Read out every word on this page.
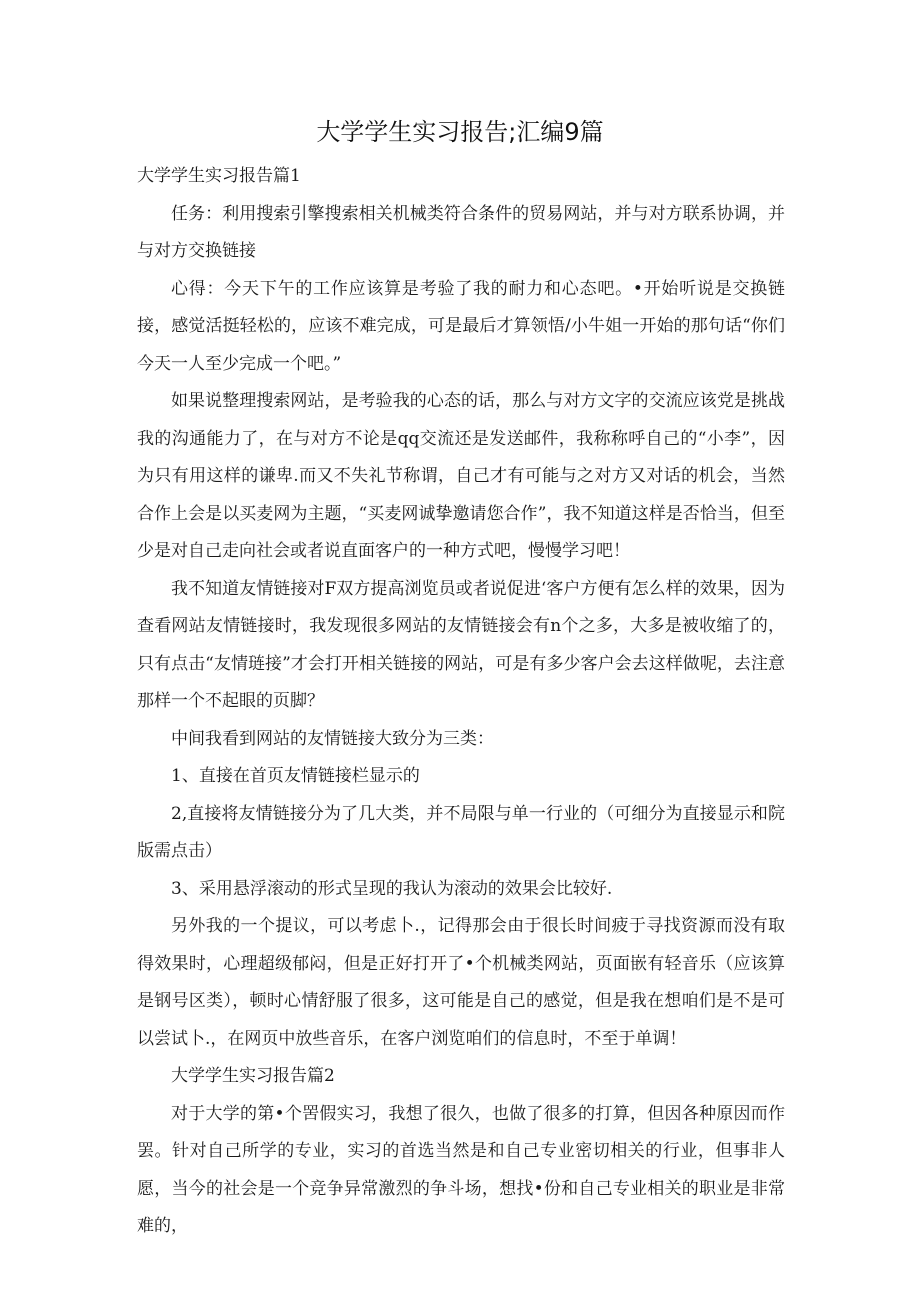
大学学生实习报告;汇编9篇

大学学生实习报告篇1

任务：利用搜索引擎搜索相关机械类符合条件的贸易网站，并与对方联系协调，并与对方交换链接

心得：今天下午的工作应该算是考验了我的耐力和心态吧。•开始听说是交换链接，感觉活挺轻松的，应该不难完成，可是最后才算领悟/小牛姐一开始的那句话“你们今天一人至少完成一个吧。”

如果说整理搜索网站，是考验我的心态的话，那么与对方文字的交流应该党是挑战我的沟通能力了，在与对方不论是qq交流还是发送邮件，我称称呼自己的“小李”，因为只有用这样的谦卑.而又不失礼节称谓，自己才有可能与之对方又对话的机会，当然合作上会是以买麦网为主题，“买麦网诚挚邀请您合作”，我不知道这样是否恰当，但至少是对自己走向社会或者说直面客户的一种方式吧，慢慢学习吧！

我不知道友情链接对F双方提高浏览员或者说促进‘客户方便有怎么样的效果，因为查看网站友情链接时，我发现很多网站的友情链接会有n个之多，大多是被收缩了的，只有点击“友情琏接”才会打开相关链接的网站，可是有多少客户会去这样做呢，去注意那样一个不起眼的页脚？

中间我看到网站的友情链接大致分为三类：

1、直接在首页友情链接栏显示的

2,直接将友情链接分为了几大类，并不局限与单一行业的（可细分为直接显示和院版需点击）

3、采用悬浮滚动的形式呈现的我认为滚动的效果会比较好.

另外我的一个提议，可以考虑卜.，记得那会由于很长时间疲于寻找资源而没有取得效果时，心理超级郁闷，但是正好打开了•个机械类网站，页面嵌有轻音乐（应该算是钢号区类），顿时心情舒服了很多，这可能是自己的感觉，但是我在想咱们是不是可以尝试卜.，在网页中放些音乐，在客户浏览咱们的信息时，不至于单调！

大学学生实习报告篇2

对于大学的第•个罟假实习，我想了很久，也做了很多的打算，但因各种原因而作罢。针对自己所学的专业，实习的首选当然是和自己专业密切相关的行业，但事非人愿，当今的社会是一个竞争异常激烈的争斗场，想找•份和自己专业相关的职业是非常难的，
